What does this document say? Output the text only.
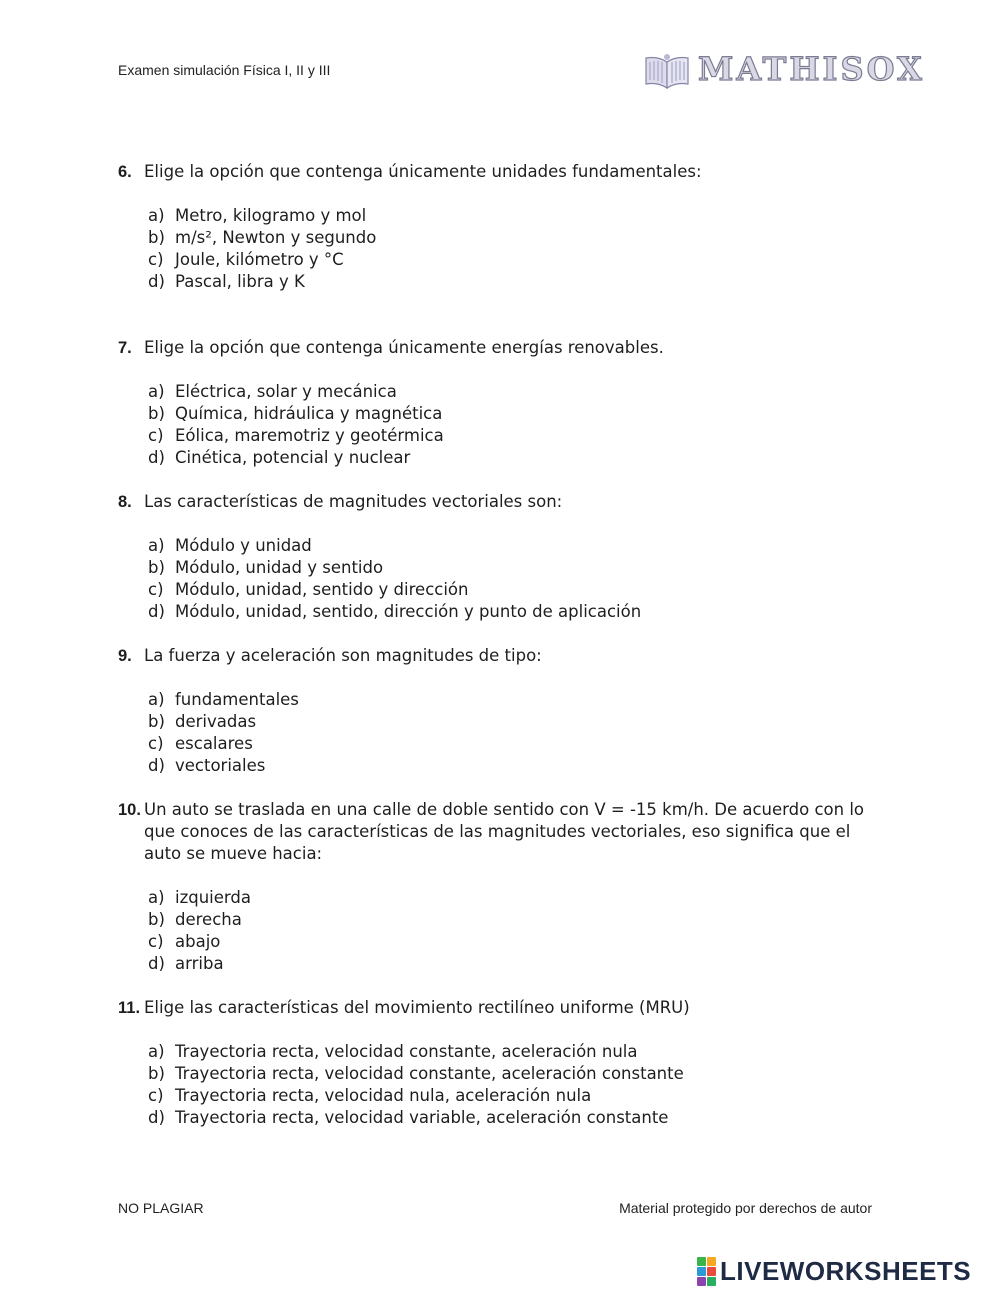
Examen simulación Física I, II y III	MATHISOX
6. Elige la opción que contenga únicamente unidades fundamentales:
a) Metro, kilogramo y mol
b) m/s², Newton y segundo
c) Joule, kilómetro y °C
d) Pascal, libra y K
7. Elige la opción que contenga únicamente energías renovables.
a) Eléctrica, solar y mecánica
b) Química, hidráulica y magnética
c) Eólica, maremotriz y geotérmica
d) Cinética, potencial y nuclear
8. Las características de magnitudes vectoriales son:
a) Módulo y unidad
b) Módulo, unidad y sentido
c) Módulo, unidad, sentido y dirección
d) Módulo, unidad, sentido, dirección y punto de aplicación
9. La fuerza y aceleración son magnitudes de tipo:
a) fundamentales
b) derivadas
c) escalares
d) vectoriales
10. Un auto se traslada en una calle de doble sentido con V = -15 km/h. De acuerdo con lo que conoces de las características de las magnitudes vectoriales, eso significa que el auto se mueve hacia:
a) izquierda
b) derecha
c) abajo
d) arriba
11. Elige las características del movimiento rectilíneo uniforme (MRU)
a) Trayectoria recta, velocidad constante, aceleración nula
b) Trayectoria recta, velocidad constante, aceleración constante
c) Trayectoria recta, velocidad nula, aceleración nula
d) Trayectoria recta, velocidad variable, aceleración constante
NO PLAGIAR	Material protegido por derechos de autor
LIVEWORKSHEETS
